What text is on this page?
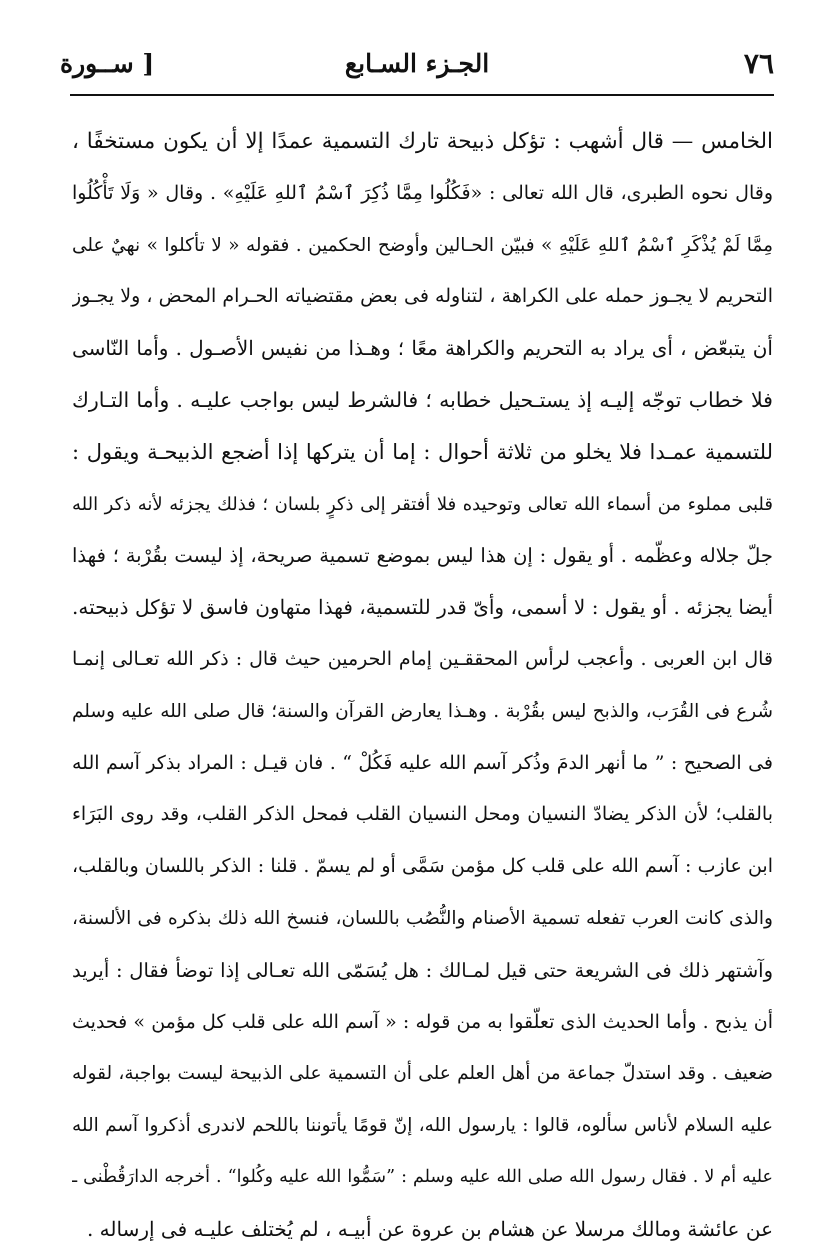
٧٦
الجـزء السـابع
[ ســورة
الخامس — قال أشهب : تؤكل ذبيحة تارك التسمية عمدًا إلا أن يكون مستخفًا ،
وقال نحوه الطبرى، قال الله تعالى : «فَكُلُوا مِمَّا ذُكِرَ ٱسْمُ ٱللهِ عَلَيْهِ» . وقال « وَلَا تَأْكُلُوا
مِمَّا لَمْ يُذْكَرِ ٱسْمُ ٱللهِ عَلَيْهِ » فبيّن الحـالين وأوضح الحكمين . فقوله « لا تأكلوا » نهيٌ على
التحريم لا يجـوز حمله على الكراهة ، لتناوله فى بعض مقتضياته الحـرام المحض ، ولا يجـوز
أن يتبعّض ، أى يراد به التحريم والكراهة معًا ؛ وهـذا من نفيس الأصـول . وأما النّاسى
فلا خطاب توجّه إليـه إذ يستـحيل خطابه ؛ فالشرط ليس بواجب عليـه . وأما التـارك
للتسمية عمـدا فلا يخلو من ثلاثة أحوال : إما أن يتركها إذا أضجع الذبيحـة ويقول :
قلبى مملوء من أسماء الله تعالى وتوحيده فلا أفتقر إلى ذكرٍ بلسان ؛ فذلك يجزئه لأنه ذكر الله
جلّ جلاله وعظّمه . أو يقول : إن هذا ليس بموضع تسمية صريحة، إذ ليست بقُرْبة ؛ فهذا
أيضا يجزئه . أو يقول : لا أسمى، وأىّ قدر للتسمية، فهذا متهاون فاسق لا تؤكل ذبيحته.
قال ابن العربى . وأعجب لرأس المحققـين إمام الحرمين حيث قال : ذكر الله تعـالى إنمـا
شُرع فى القُرَب، والذبح ليس بقُرْبة . وهـذا يعارض القرآن والسنة؛ قال صلى الله عليه وسلم
فى الصحيح : ” ما أنهر الدمَ وذُكر آسم الله عليه فَكُلْ “ . فان قيـل : المراد بذكر آسم الله
بالقلب؛ لأن الذكر يضادّ النسيان ومحل النسيان القلب فمحل الذكر القلب، وقد روى البَرَاء
ابن عازب : آسم الله على قلب كل مؤمن سَمَّى أو لم يسمّ . قلنا : الذكر باللسان وبالقلب،
والذى كانت العرب تفعله تسمية الأصنام والنُّصُب باللسان، فنسخ الله ذلك بذكره فى الألسنة،
وآشتهر ذلك فى الشريعة حتى قيل لمـالك : هل يُسَمّى الله تعـالى إذا توضأ فقال : أيريد
أن يذبح . وأما الحديث الذى تعلّقوا به من قوله : « آسم الله على قلب كل مؤمن » فحديث
ضعيف . وقد استدلّ جماعة من أهل العلم على أن التسمية على الذبيحة ليست بواجبة، لقوله
عليه السلام لأناس سألوه، قالوا : يارسول الله، إنّ قومًا يأتوننا باللحم لاندرى أذكروا آسم الله
عليه أم لا . فقال رسول الله صلى الله عليه وسلم : ”سَمُّوا الله عليه وكُلوا“ . أخرجه الدارَقُطْنى ـ
عن عائشة ومالك مرسلا عن هشام بن عروة عن أبيـه ، لم يُختلف عليـه فى إرساله .
